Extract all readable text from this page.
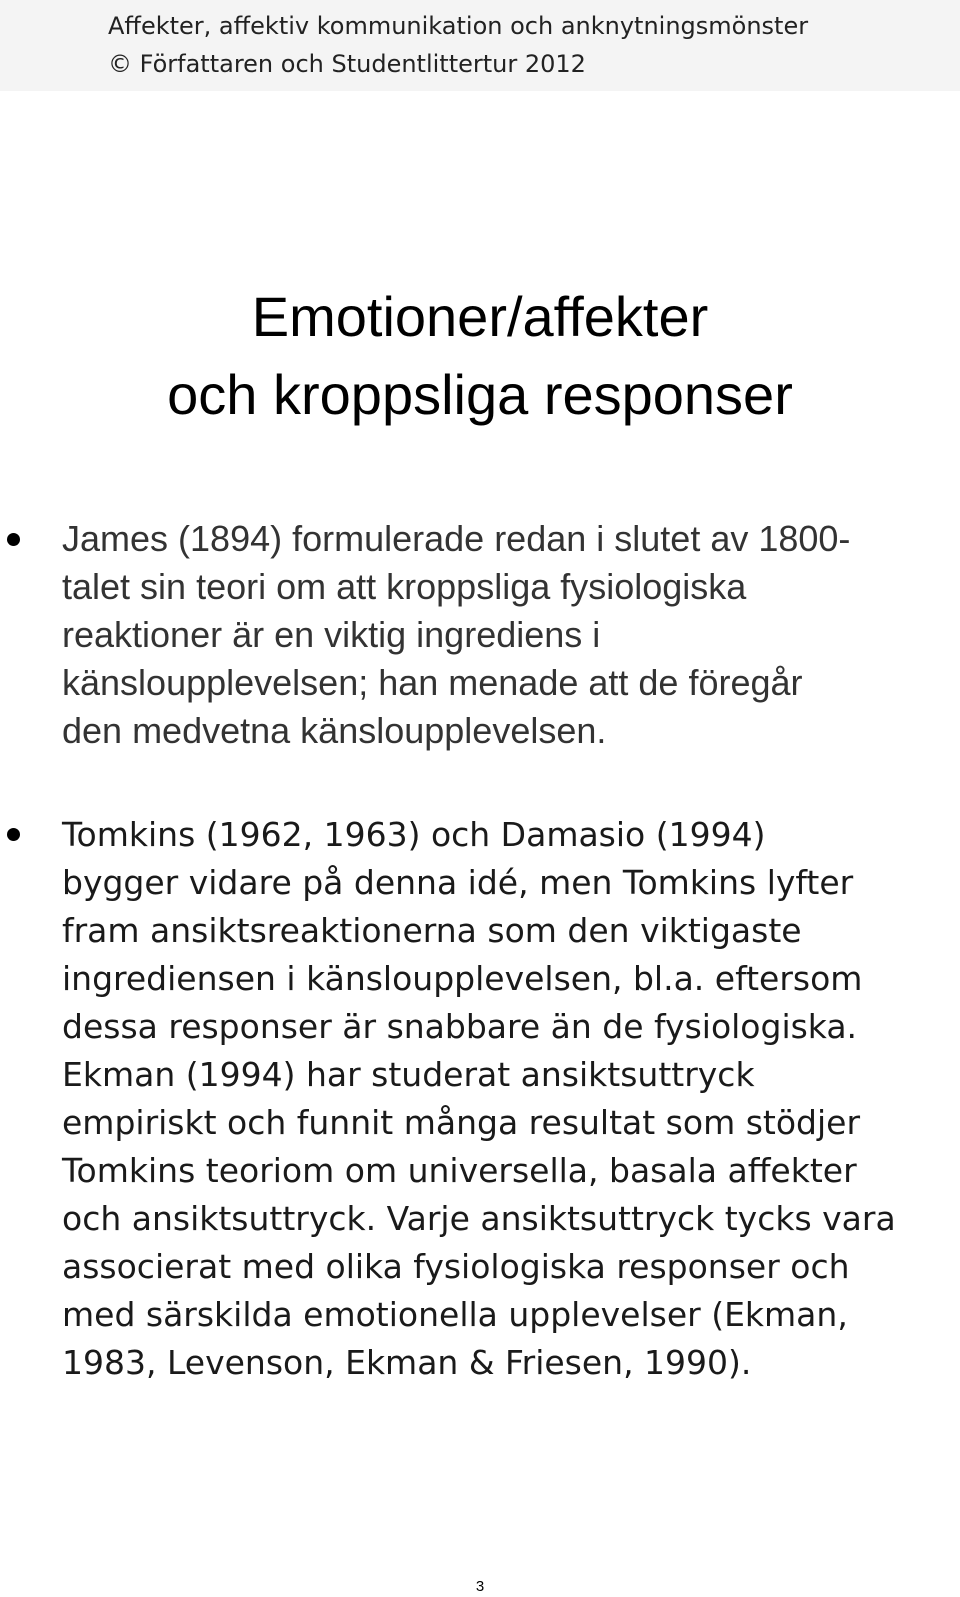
Affekter, affektiv kommunikation och anknytningsmönster
© Författaren och Studentlittertur 2012
Emotioner/affekter
och kroppsliga responser
James (1894) formulerade redan i slutet av 1800-
talet sin teori om att kroppsliga fysiologiska
reaktioner är en viktig ingrediens i
känsloupplevelsen; han menade att de föregår
den medvetna känsloupplevelsen.
Tomkins (1962, 1963) och Damasio (1994)
bygger vidare på denna idé, men Tomkins lyfter
fram ansiktsreaktionerna som den viktigaste
ingrediensen i känsloupplevelsen, bl.a. eftersom
dessa responser är snabbare än de fysiologiska.
Ekman (1994) har studerat ansiktsuttryck
empiriskt och funnit många resultat som stödjer
Tomkins teoriom om universella, basala affekter
och ansiktsuttryck. Varje ansiktsuttryck tycks vara
associerat med olika fysiologiska responser och
med särskilda emotionella upplevelser (Ekman,
1983, Levenson, Ekman & Friesen, 1990).
3
